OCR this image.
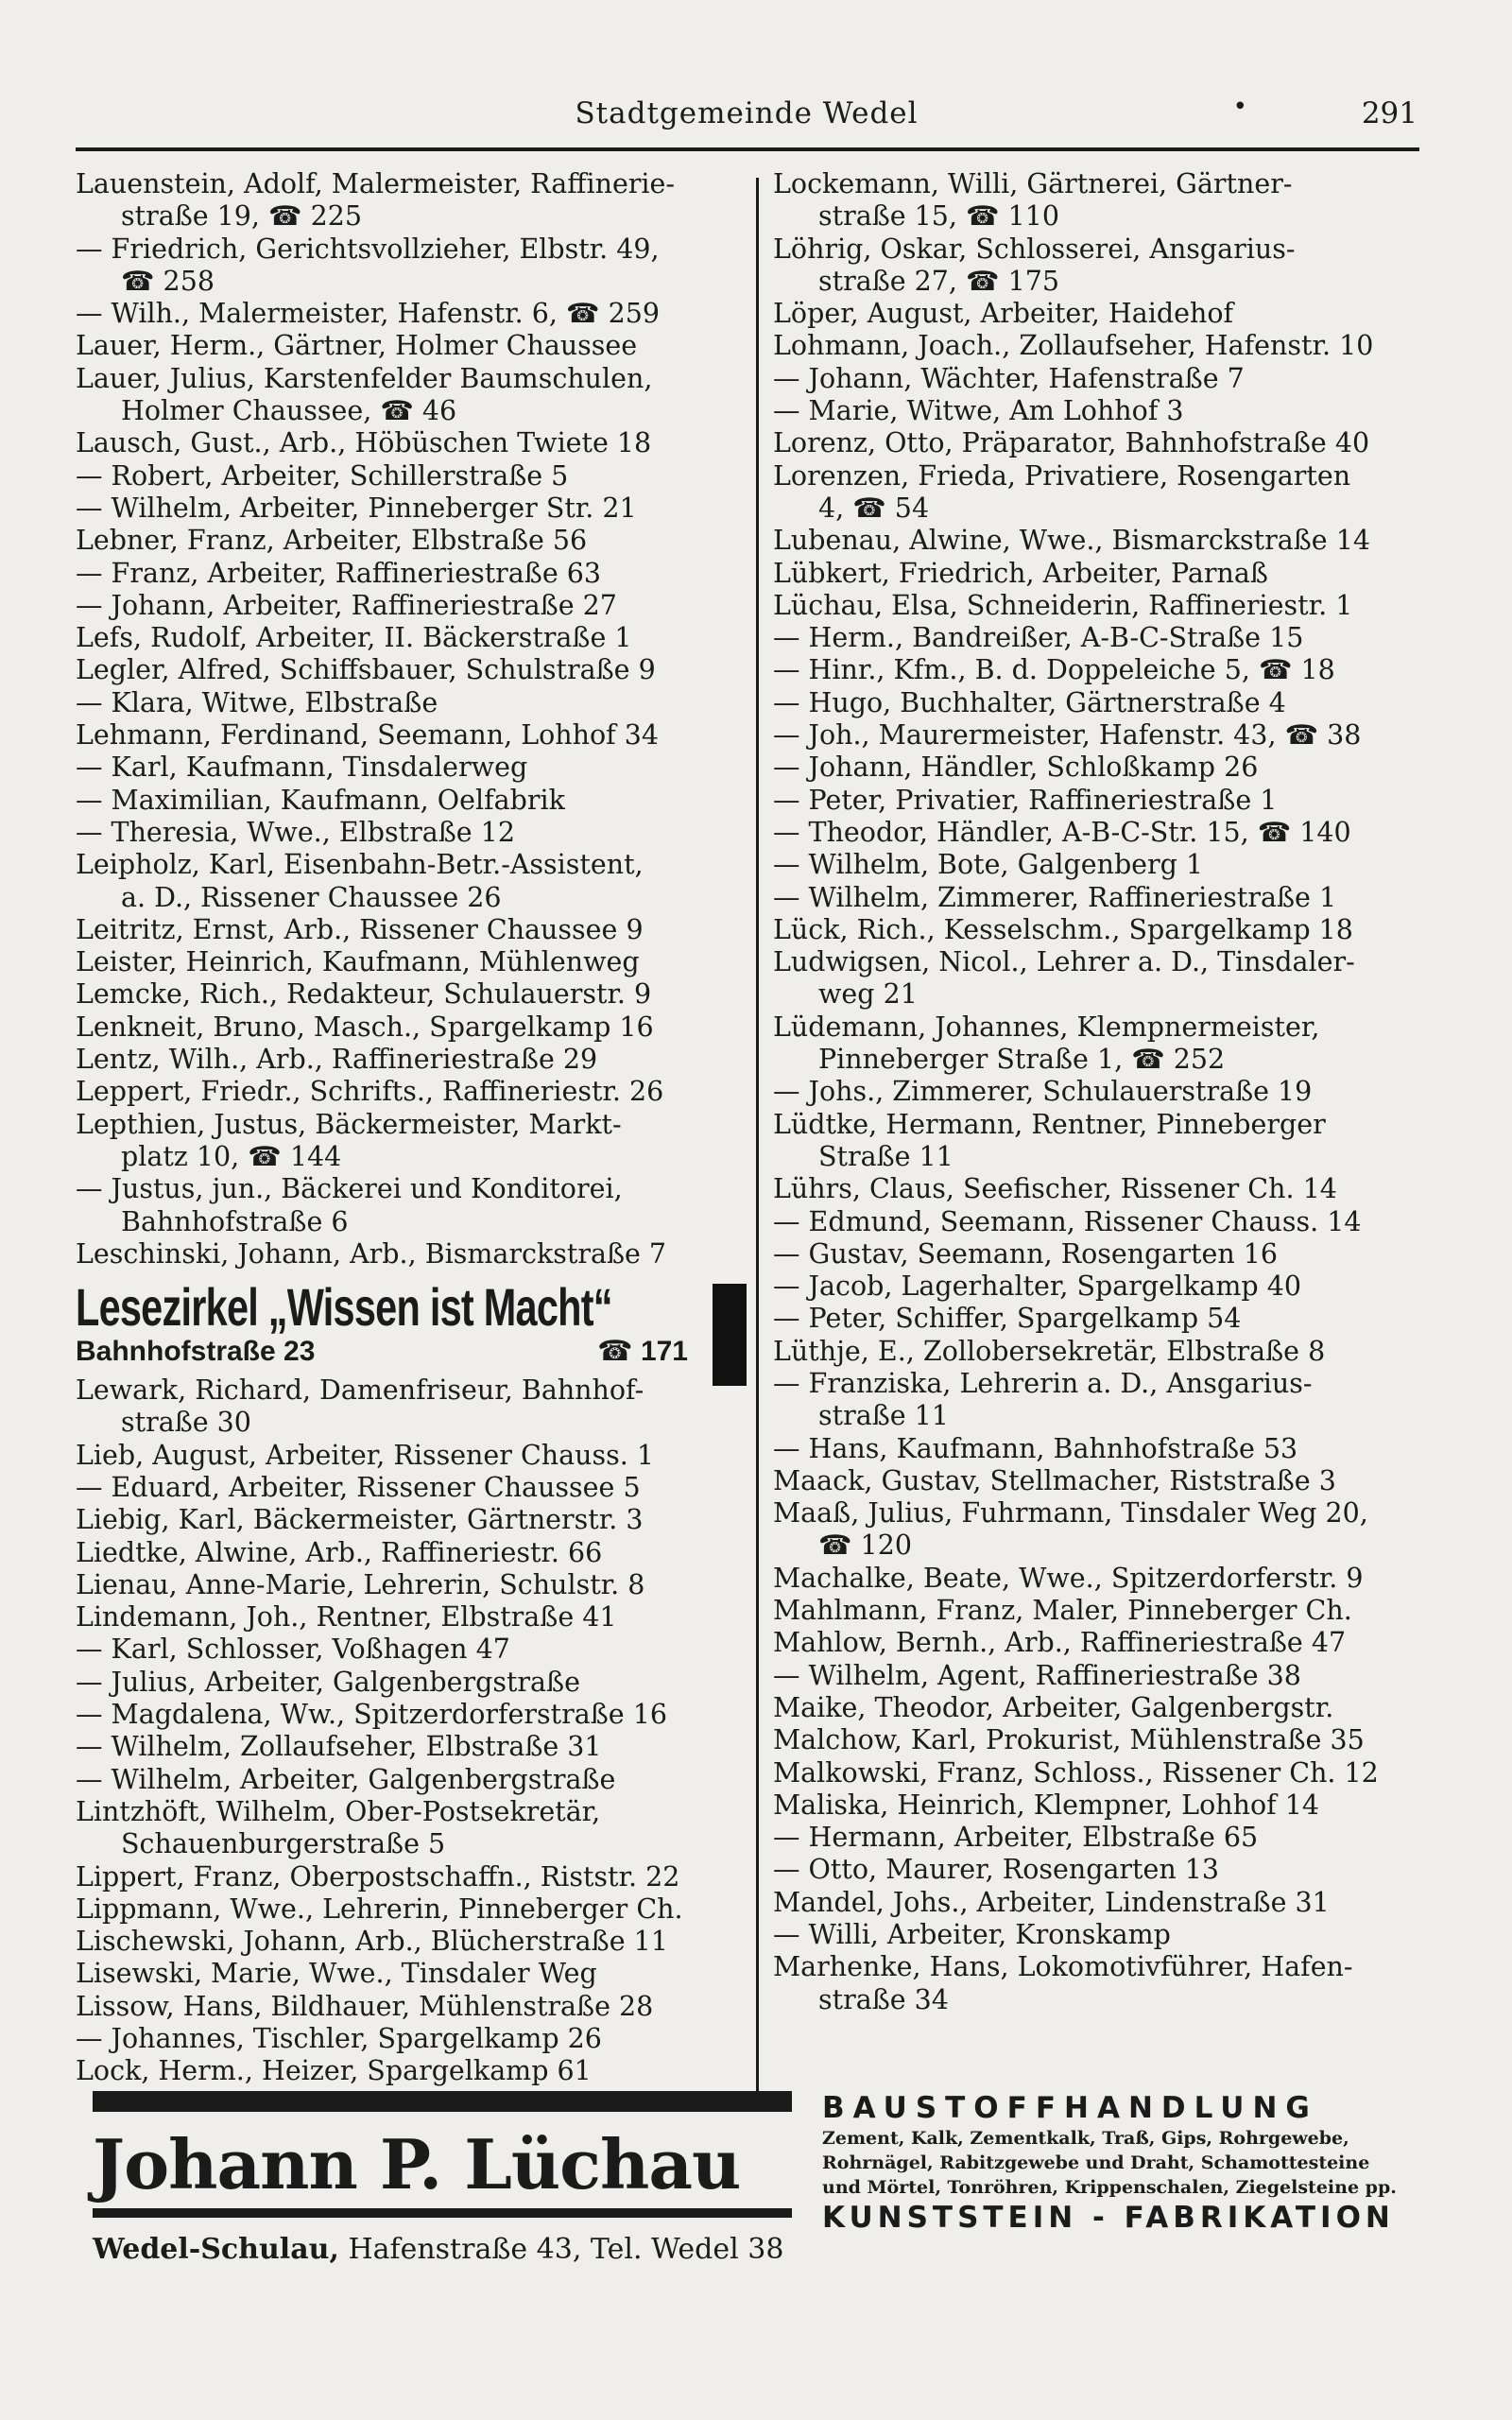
Stadtgemeinde Wedel	•	291
Lauenstein, Adolf, Malermeister, Raffinerie-
straße 19, ☎ 225
— Friedrich, Gerichtsvollzieher, Elbstr. 49,
☎ 258
— Wilh., Malermeister, Hafenstr. 6, ☎ 259
Lauer, Herm., Gärtner, Holmer Chaussee
Lauer, Julius, Karstenfelder Baumschulen,
Holmer Chaussee, ☎ 46
Lausch, Gust., Arb., Höbüschen Twiete 18
— Robert, Arbeiter, Schillerstraße 5
— Wilhelm, Arbeiter, Pinneberger Str. 21
Lebner, Franz, Arbeiter, Elbstraße 56
— Franz, Arbeiter, Raffineriestraße 63
— Johann, Arbeiter, Raffineriestraße 27
Lefs, Rudolf, Arbeiter, II. Bäckerstraße 1
Legler, Alfred, Schiffsbauer, Schulstraße 9
— Klara, Witwe, Elbstraße
Lehmann, Ferdinand, Seemann, Lohhof 34
— Karl, Kaufmann, Tinsdalerweg
— Maximilian, Kaufmann, Oelfabrik
— Theresia, Wwe., Elbstraße 12
Leipholz, Karl, Eisenbahn-Betr.-Assistent,
a. D., Rissener Chaussee 26
Leitritz, Ernst, Arb., Rissener Chaussee 9
Leister, Heinrich, Kaufmann, Mühlenweg
Lemcke, Rich., Redakteur, Schulauerstr. 9
Lenkneit, Bruno, Masch., Spargelkamp 16
Lentz, Wilh., Arb., Raffineriestraße 29
Leppert, Friedr., Schrifts., Raffineriestr. 26
Lepthien, Justus, Bäckermeister, Markt-
platz 10, ☎ 144
— Justus, jun., Bäckerei und Konditorei,
Bahnhofstraße 6
Leschinski, Johann, Arb., Bismarckstraße 7
Lesezirkel „Wissen ist Macht“
Bahnhofstraße 23	☎ 171
Lewark, Richard, Damenfriseur, Bahnhof-
straße 30
Lieb, August, Arbeiter, Rissener Chauss. 1
— Eduard, Arbeiter, Rissener Chaussee 5
Liebig, Karl, Bäckermeister, Gärtnerstr. 3
Liedtke, Alwine, Arb., Raffineriestr. 66
Lienau, Anne-Marie, Lehrerin, Schulstr. 8
Lindemann, Joh., Rentner, Elbstraße 41
— Karl, Schlosser, Voßhagen 47
— Julius, Arbeiter, Galgenbergstraße
— Magdalena, Ww., Spitzerdorferstraße 16
— Wilhelm, Zollaufseher, Elbstraße 31
— Wilhelm, Arbeiter, Galgenbergstraße
Lintzhöft, Wilhelm, Ober-Postsekretär,
Schauenburgerstraße 5
Lippert, Franz, Oberpostschaffn., Riststr. 22
Lippmann, Wwe., Lehrerin, Pinneberger Ch.
Lischewski, Johann, Arb., Blücherstraße 11
Lisewski, Marie, Wwe., Tinsdaler Weg
Lissow, Hans, Bildhauer, Mühlenstraße 28
— Johannes, Tischler, Spargelkamp 26
Lock, Herm., Heizer, Spargelkamp 61
Lockemann, Willi, Gärtnerei, Gärtner-
straße 15, ☎ 110
Löhrig, Oskar, Schlosserei, Ansgarius-
straße 27, ☎ 175
Löper, August, Arbeiter, Haidehof
Lohmann, Joach., Zollaufseher, Hafenstr. 10
— Johann, Wächter, Hafenstraße 7
— Marie, Witwe, Am Lohhof 3
Lorenz, Otto, Präparator, Bahnhofstraße 40
Lorenzen, Frieda, Privatiere, Rosengarten
4, ☎ 54
Lubenau, Alwine, Wwe., Bismarckstraße 14
Lübkert, Friedrich, Arbeiter, Parnaß
Lüchau, Elsa, Schneiderin, Raffineriestr. 1
— Herm., Bandreißer, A-B-C-Straße 15
— Hinr., Kfm., B. d. Doppeleiche 5, ☎ 18
— Hugo, Buchhalter, Gärtnerstraße 4
— Joh., Maurermeister, Hafenstr. 43, ☎ 38
— Johann, Händler, Schloßkamp 26
— Peter, Privatier, Raffineriestraße 1
— Theodor, Händler, A-B-C-Str. 15, ☎ 140
— Wilhelm, Bote, Galgenberg 1
— Wilhelm, Zimmerer, Raffineriestraße 1
Lück, Rich., Kesselschm., Spargelkamp 18
Ludwigsen, Nicol., Lehrer a. D., Tinsdaler-
weg 21
Lüdemann, Johannes, Klempnermeister,
Pinneberger Straße 1, ☎ 252
— Johs., Zimmerer, Schulauerstraße 19
Lüdtke, Hermann, Rentner, Pinneberger
Straße 11
Lührs, Claus, Seefischer, Rissener Ch. 14
— Edmund, Seemann, Rissener Chauss. 14
— Gustav, Seemann, Rosengarten 16
— Jacob, Lagerhalter, Spargelkamp 40
— Peter, Schiffer, Spargelkamp 54
Lüthje, E., Zollobersekretär, Elbstraße 8
— Franziska, Lehrerin a. D., Ansgarius-
straße 11
— Hans, Kaufmann, Bahnhofstraße 53
Maack, Gustav, Stellmacher, Riststraße 3
Maaß, Julius, Fuhrmann, Tinsdaler Weg 20,
☎ 120
Machalke, Beate, Wwe., Spitzerdorferstr. 9
Mahlmann, Franz, Maler, Pinneberger Ch.
Mahlow, Bernh., Arb., Raffineriestraße 47
— Wilhelm, Agent, Raffineriestraße 38
Maike, Theodor, Arbeiter, Galgenbergstr.
Malchow, Karl, Prokurist, Mühlenstraße 35
Malkowski, Franz, Schloss., Rissener Ch. 12
Maliska, Heinrich, Klempner, Lohhof 14
— Hermann, Arbeiter, Elbstraße 65
— Otto, Maurer, Rosengarten 13
Mandel, Johs., Arbeiter, Lindenstraße 31
— Willi, Arbeiter, Kronskamp
Marhenke, Hans, Lokomotivführer, Hafen-
straße 34
Johann P. Lüchau
Wedel-Schulau, Hafenstraße 43, Tel. Wedel 38
BAUSTOFFHANDLUNG
Zement, Kalk, Zementkalk, Traß, Gips, Rohrgewebe,
Rohrnägel, Rabitzgewebe und Draht, Schamottesteine
und Mörtel, Tonröhren, Krippenschalen, Ziegelsteine pp.
KUNSTSTEIN - FABRIKATION
